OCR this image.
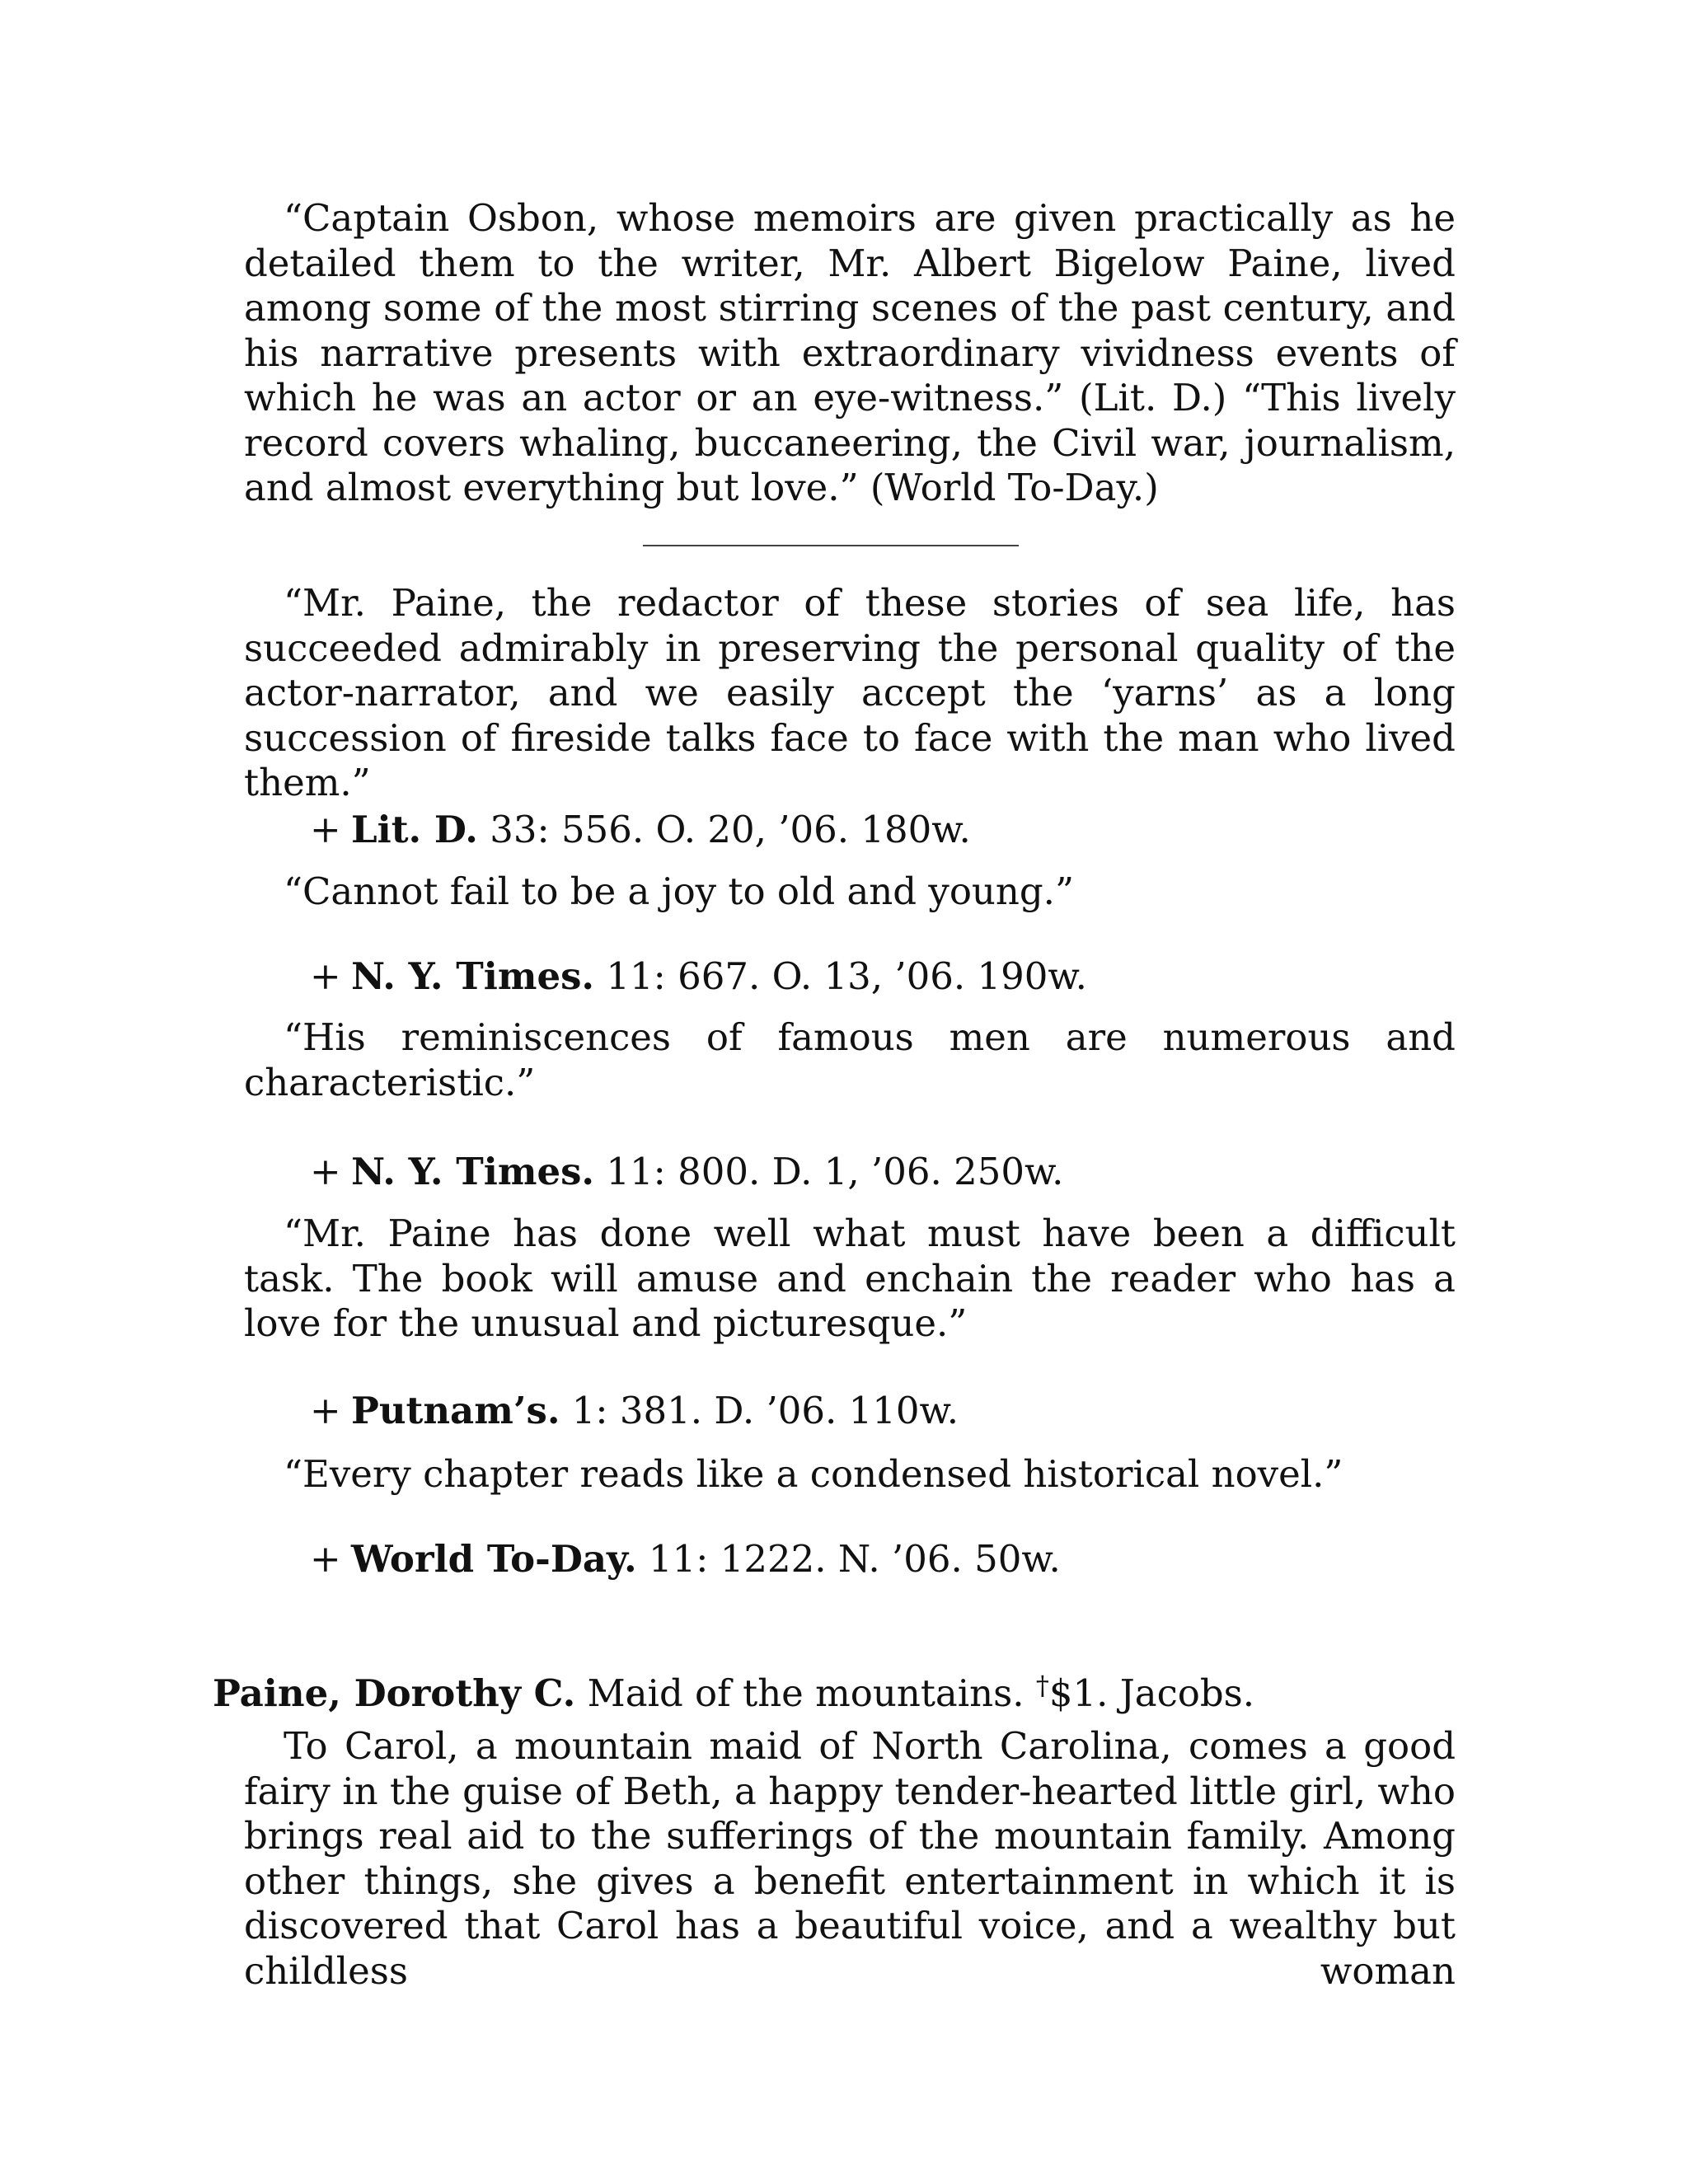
“Captain Osbon, whose memoirs are given practically as he detailed them to the writer, Mr. Albert Bigelow Paine, lived among some of the most stirring scenes of the past century, and his narrative presents with extraordinary vividness events of which he was an actor or an eye-witness.” (Lit. D.) “This lively record covers whaling, buccaneering, the Civil war, journalism, and almost everything but love.” (World To-Day.)

“Mr. Paine, the redactor of these stories of sea life, has succeeded admirably in preserving the personal quality of the actor-narrator, and we easily accept the ‘yarns’ as a long succession of fireside talks face to face with the man who lived them.”

+ Lit. D. 33: 556. O. 20, ’06. 180w.

“Cannot fail to be a joy to old and young.”

+ N. Y. Times. 11: 667. O. 13, ’06. 190w.

“His reminiscences of famous men are numerous and characteristic.”

+ N. Y. Times. 11: 800. D. 1, ’06. 250w.

“Mr. Paine has done well what must have been a difficult task. The book will amuse and enchain the reader who has a love for the unusual and picturesque.”

+ Putnam’s. 1: 381. D. ’06. 110w.

“Every chapter reads like a condensed historical novel.”

+ World To-Day. 11: 1222. N. ’06. 50w.
Paine, Dorothy C. Maid of the mountains. †$1. Jacobs.

To Carol, a mountain maid of North Carolina, comes a good fairy in the guise of Beth, a happy tender-hearted little girl, who brings real aid to the sufferings of the mountain family. Among other things, she gives a benefit entertainment in which it is discovered that Carol has a beautiful voice, and a wealthy but childless woman
